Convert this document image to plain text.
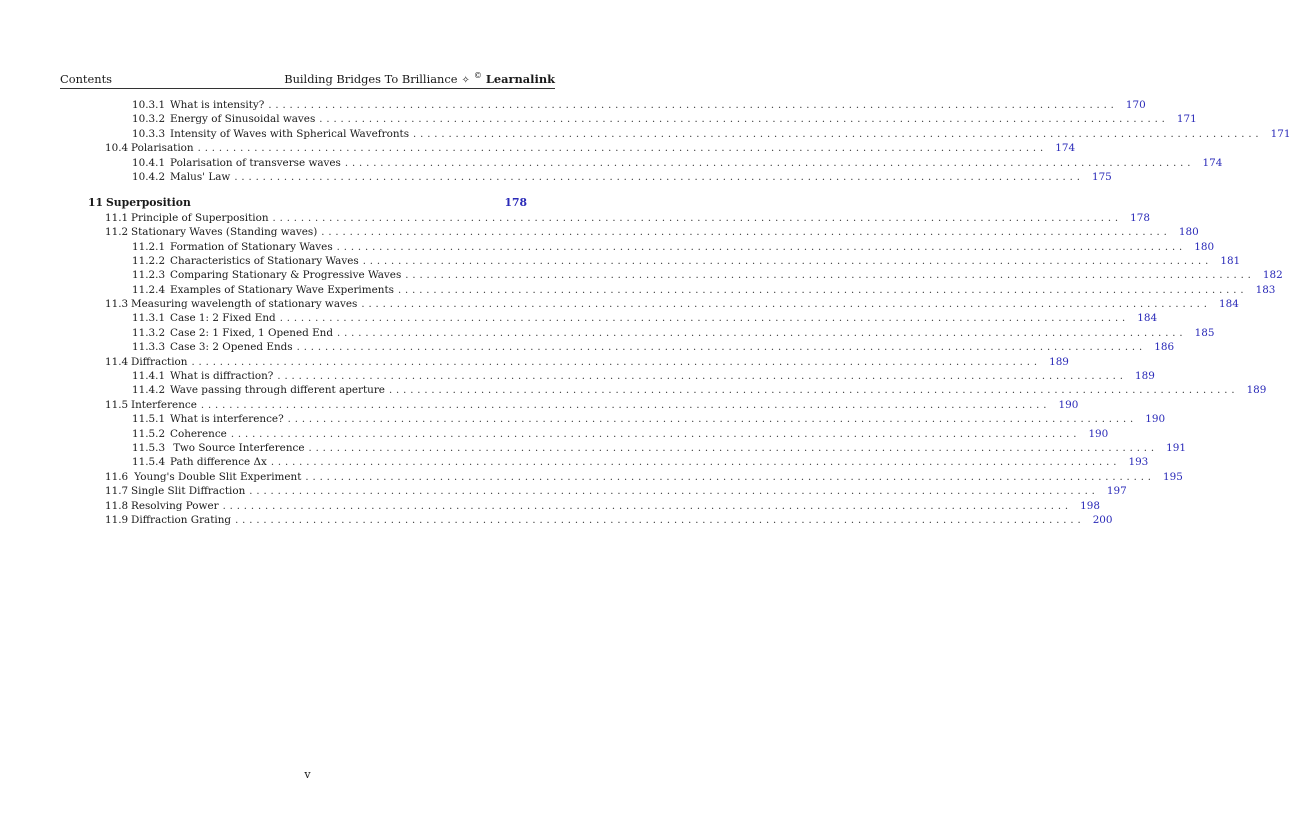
Contents	Building Bridges To Brilliance ✧ © Learnalink
10.3.1 What is intensity? ........................................................................................................................ 170
10.3.2 Energy of Sinusoidal waves ........................................................................................................................ 171
10.3.3 Intensity of Waves with Spherical Wavefronts ........................................................................................................................ 171
10.4 Polarisation ........................................................................................................................ 174
10.4.1 Polarisation of transverse waves ........................................................................................................................ 174
10.4.2 Malus' Law ........................................................................................................................ 175
11 Superposition	178
11.1 Principle of Superposition ........................................................................................................................ 178
11.2 Stationary Waves (Standing waves) ........................................................................................................................ 180
11.2.1 Formation of Stationary Waves ........................................................................................................................ 180
11.2.2 Characteristics of Stationary Waves ........................................................................................................................ 181
11.2.3 Comparing Stationary & Progressive Waves ........................................................................................................................ 182
11.2.4 Examples of Stationary Wave Experiments ........................................................................................................................ 183
11.3 Measuring wavelength of stationary waves ........................................................................................................................ 184
11.3.1 Case 1: 2 Fixed End ........................................................................................................................ 184
11.3.2 Case 2: 1 Fixed, 1 Opened End ........................................................................................................................ 185
11.3.3 Case 3: 2 Opened Ends ........................................................................................................................ 186
11.4 Diffraction ........................................................................................................................ 189
11.4.1 What is diffraction? ........................................................................................................................ 189
11.4.2 Wave passing through different aperture ........................................................................................................................ 189
11.5 Interference ........................................................................................................................ 190
11.5.1 What is interference? ........................................................................................................................ 190
11.5.2 Coherence ........................................................................................................................ 190
11.5.3 Two Source Interference ........................................................................................................................ 191
11.5.4 Path difference Δx ........................................................................................................................ 193
11.6 Young's Double Slit Experiment ........................................................................................................................ 195
11.7 Single Slit Diffraction ........................................................................................................................ 197
11.8 Resolving Power ........................................................................................................................ 198
11.9 Diffraction Grating ........................................................................................................................ 200
v
